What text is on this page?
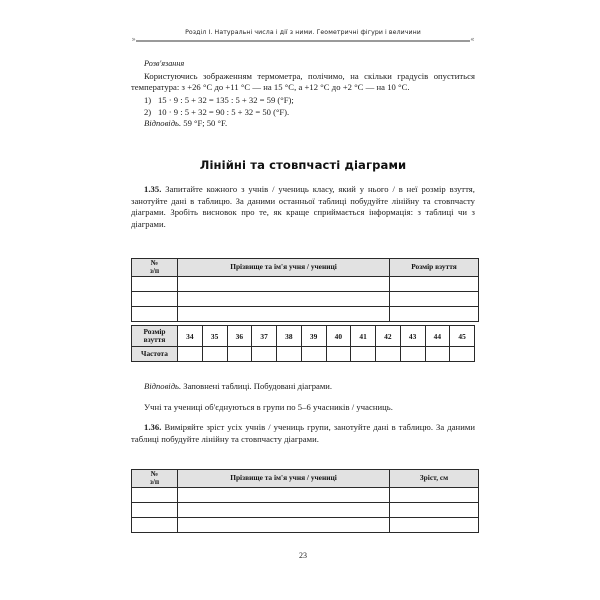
Розділ І. Натуральні числа і дії з ними. Геометричні фігури і величини
»	«

Розв'язання

Користуючись зображенням термометра, полічимо, на скільки градусів опуститься температура: з +26 °C до +11 °C — на 15 °C, а +12 °C до +2 °C — на 10 °C.

1) 15 · 9 : 5 + 32 = 135 : 5 + 32 = 59 (°F);

2) 10 · 9 : 5 + 32 = 90 : 5 + 32 = 50 (°F).

Відповідь. 59 °F; 50 °F.

Лінійні та стовпчасті діаграми

1.35. Запитайте кожного з учнів / учениць класу, який у нього / в неї розмір взуття, занотуйте дані в таблицю. За даними останньої таблиці побудуйте лінійну та стовпчасту діаграми. Зробіть висновок про те, як краще сприймається інформація: з таблиці чи з діаграми.

№
з/п	Прізвище та ім'я учня / учениці	Розмір взуття

Розмір
взуття	34	35	36	37	38	39	40	41	42	43	44	45
Частота												

Відповідь. Заповнені таблиці. Побудовані діаграми.

Учні та учениці об'єднуються в групи по 5–6 учасників / учасниць.

1.36. Виміряйте зріст усіх учнів / учениць групи, занотуйте дані в таблицю. За даними таблиці побудуйте лінійну та стовпчасту діаграми.

№
з/п	Прізвище та ім'я учня / учениці	Зріст, см

23
